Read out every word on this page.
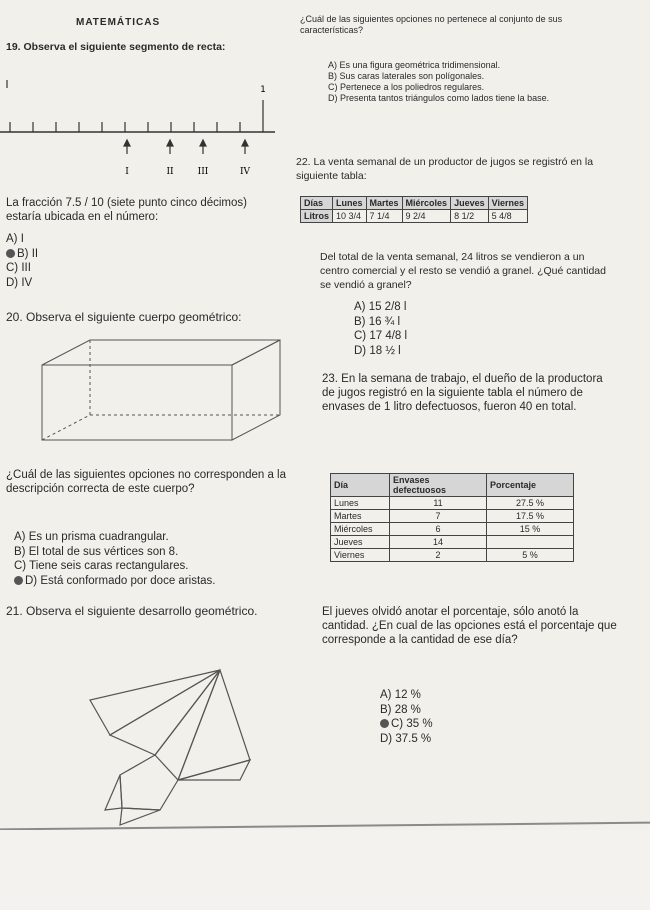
MATEMÁTICAS
19. Observa el siguiente segmento de recta:
1
I	II	III	IV
La fracción 7.5 / 10 (siete punto cinco décimos) estaría ubicada en el número:
A) I
B) II
C) III
D) IV
20. Observa el siguiente cuerpo geométrico:
¿Cuál de las siguientes opciones no corresponden a la descripción correcta de este cuerpo?
A) Es un prisma cuadrangular.
B) El total de sus vértices son 8.
C) Tiene seis caras rectangulares.
D) Está conformado por doce aristas.
21. Observa el siguiente desarrollo geométrico.
¿Cuál de las siguientes opciones no pertenece al conjunto de sus características?
A) Es una figura geométrica tridimensional.
B) Sus caras laterales son polígonales.
C) Pertenece a los poliedros regulares.
D) Presenta tantos triángulos como lados tiene la base.
22. La venta semanal de un productor de jugos se registró en la siguiente tabla:
Días	Lunes	Martes	Miércoles	Jueves	Viernes
Litros	10 3/4	7 1/4	9 2/4	8 1/2	5 4/8
Del total de la venta semanal, 24 litros se vendieron a un centro comercial y el resto se vendió a granel. ¿Qué cantidad se vendió a granel?
A) 15 2/8 l
B) 16 ¾ l
C) 17 4/8 l
D) 18 ½ l
23. En la semana de trabajo, el dueño de la productora de jugos registró en la siguiente tabla el número de envases de 1 litro defectuosos, fueron 40 en total.
Día	Envases defectuosos	Porcentaje
Lunes	11	27.5 %
Martes	7	17.5 %
Miércoles	6	15 %
Jueves	14	
Viernes	2	5 %
El jueves olvidó anotar el porcentaje, sólo anotó la cantidad. ¿En cual de las opciones está el porcentaje que corresponde a la cantidad de ese día?
A) 12 %
B) 28 %
C) 35 %
D) 37.5 %
